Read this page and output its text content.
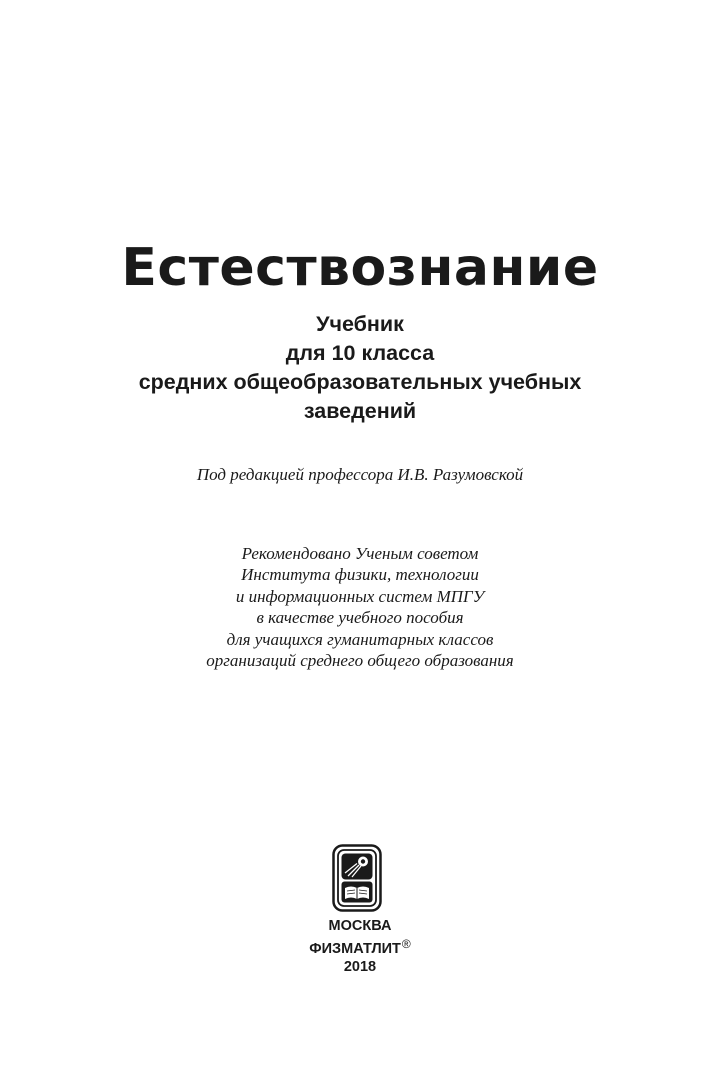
Естествознание
Учебник
для 10 класса
средних общеобразовательных учебных
заведений
Под редакцией профессора И.В. Разумовской
Рекомендовано Ученым советом
Института физики, технологии
и информационных систем МПГУ
в качестве учебного пособия
для учащихся гуманитарных классов
организаций среднего общего образования
МОСКВА
ФИЗМАТЛИТ®
2018
